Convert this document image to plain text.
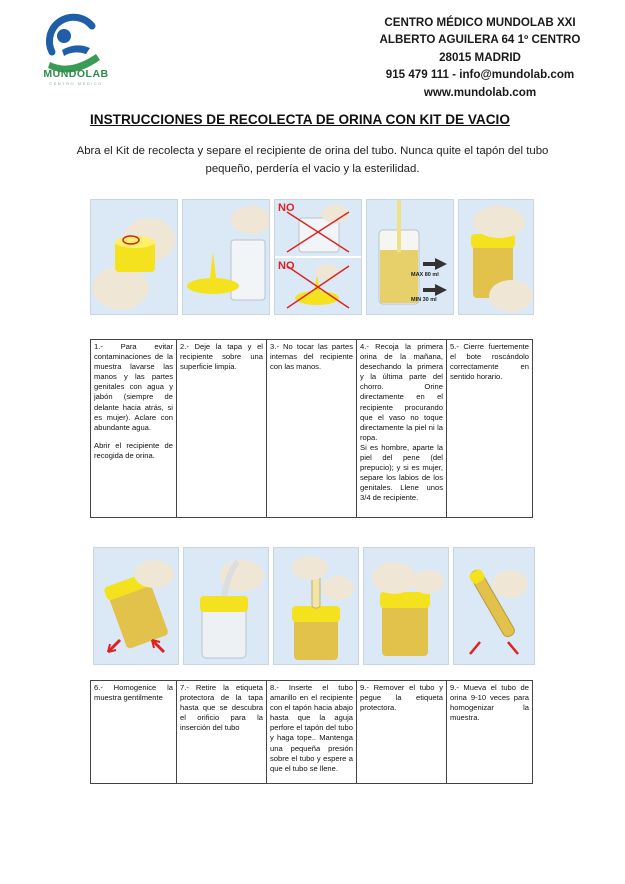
MUNDOLAB
CENTRO MÉDICO
CENTRO MÉDICO MUNDOLAB XXI
ALBERTO AGUILERA 64 1º CENTRO
28015 MADRID
915 479 111 - info@mundolab.com
www.mundolab.com
INSTRUCCIONES DE RECOLECTA DE ORINA CON KIT DE VACIO
Abra el Kit de recolecta y separe el recipiente de orina del tubo. Nunca quite el tapón del tubo pequeño, perdería el vacio y la esterilidad.
NO
NO
MAX 80 ml
MIN 30 ml

1.- Para evitar contaminaciones de la muestra lavarse las manos y las partes genitales con agua y jabón (siempre de delante hacia atrás, si es mujer). Aclare con abundante agua.

Abrir el recipiente de recogida de orina.

2.- Deje la tapa y el recipiente sobre una superficie limpia.

3.- No tocar las partes internas del recipiente con las manos.

4.- Recoja la primera orina de la mañana, desechando la primera y la última parte del chorro. Orine directamente en el recipiente procurando que el vaso no toque directamente la piel ni la ropa.

Si es hombre, aparte la piel del pene (del prepucio); y si es mujer, separe los labios de los genitales. Llene unos 3/4 de recipiente.

5.- Cierre fuertemente el bote roscándolo correctamente en sentido horario.

6.- Homogenice la muestra gentilmente

7.- Retire la etiqueta protectora de la tapa hasta que se descubra el orificio para la inserción del tubo

8.- Inserte el tubo amarillo en el recipiente con el tapón hacia abajo hasta que la aguja perfore el tapón del tubo y haga tope.. Mantenga una pequeña presión sobre el tubo y espere a que el tubo se llene.

9.- Remover el tubo y pegue la etiqueta protectora.

9.- Mueva el tubo de orina 9-10 veces para homogenizar la muestra.
